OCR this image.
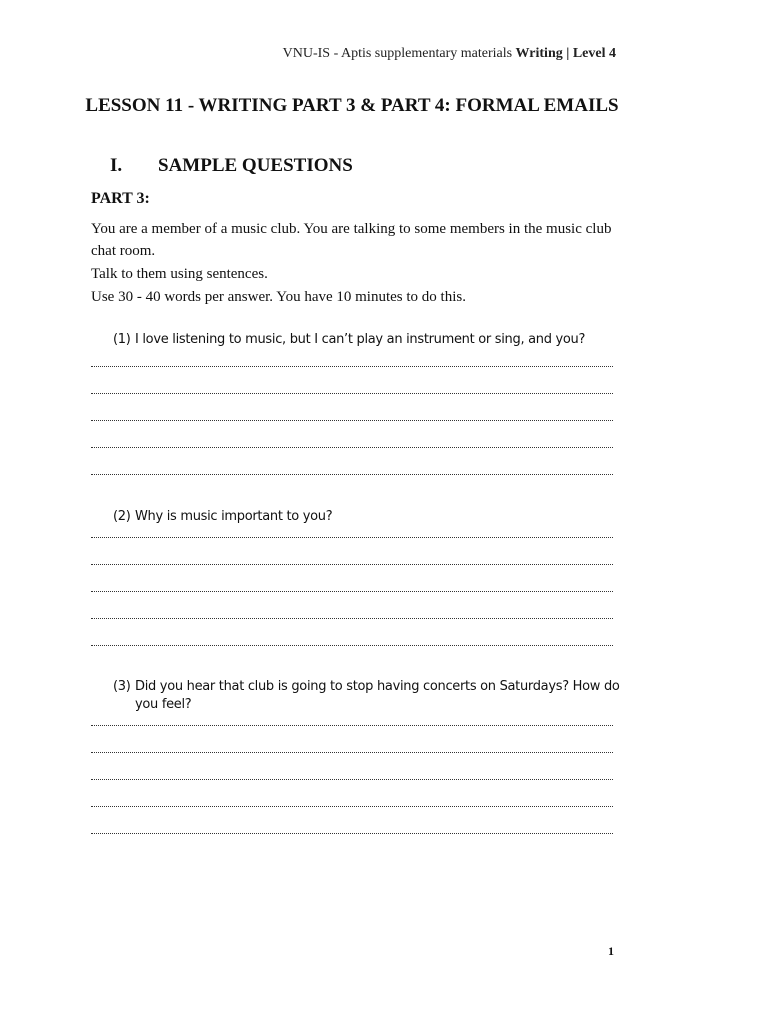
VNU-IS - Aptis supplementary materials Writing | Level 4
LESSON 11 - WRITING PART 3 & PART 4: FORMAL EMAILS
I. SAMPLE QUESTIONS
PART 3:

You are a member of a music club. You are talking to some members in the music club chat room.

Talk to them using sentences.

Use 30 - 40 words per answer. You have 10 minutes to do this.

(1) I love listening to music, but I can’t play an instrument or sing, and you?
(2) Why is music important to you?
(3) Did you hear that club is going to stop having concerts on Saturdays? How do you feel?
1
